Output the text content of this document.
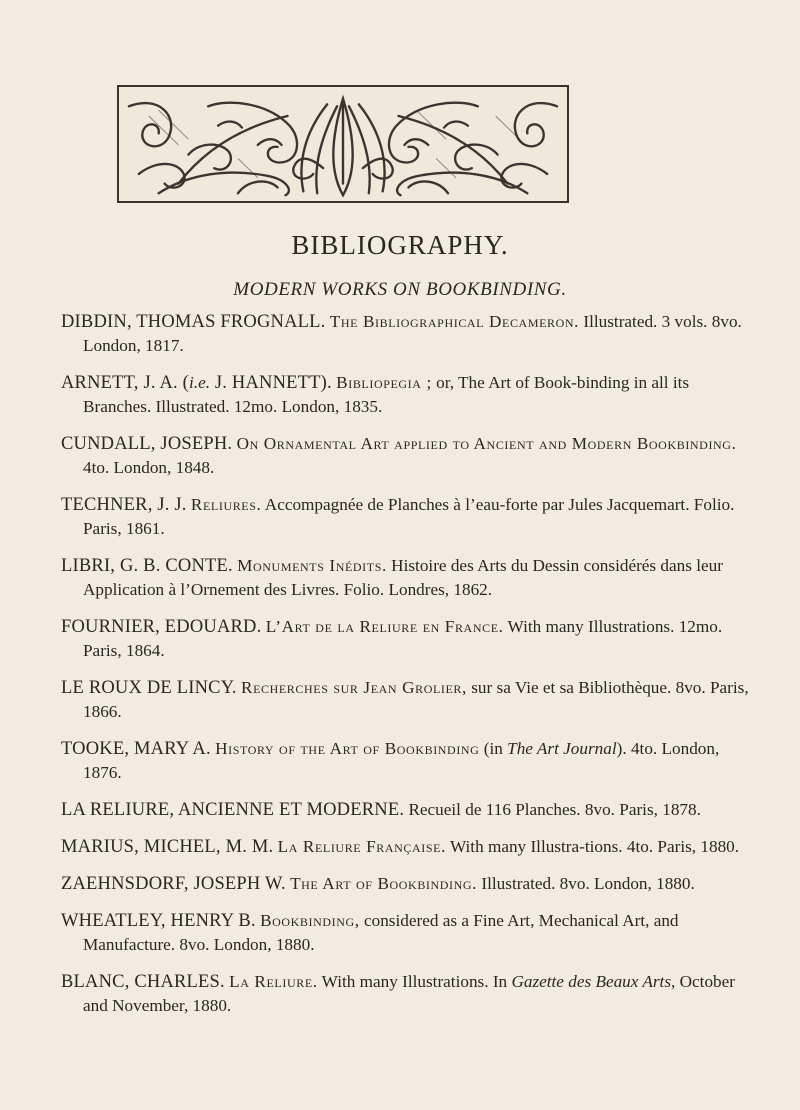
BIBLIOGRAPHY.
MODERN WORKS ON BOOKBINDING.

DIBDIN, THOMAS FROGNALL. The Bibliographical Decameron. Illustrated. 3 vols. 8vo. London, 1817.

ARNETT, J. A. (i.e. J. HANNETT). Bibliopegia ; or, The Art of Book-binding in all its Branches. Illustrated. 12mo. London, 1835.

CUNDALL, JOSEPH. On Ornamental Art applied to Ancient and Modern Bookbinding. 4to. London, 1848.

TECHNER, J. J. Reliures. Accompagnée de Planches à l’eau-forte par Jules Jacquemart. Folio. Paris, 1861.

LIBRI, G. B. CONTE. Monuments Inédits. Histoire des Arts du Dessin considérés dans leur Application à l’Ornement des Livres. Folio. Londres, 1862.

FOURNIER, EDOUARD. L’Art de la Reliure en France. With many Illustrations. 12mo. Paris, 1864.

LE ROUX DE LINCY. Recherches sur Jean Grolier, sur sa Vie et sa Bibliothèque. 8vo. Paris, 1866.

TOOKE, MARY A. History of the Art of Bookbinding (in The Art Journal). 4to. London, 1876.

LA RELIURE, ANCIENNE ET MODERNE. Recueil de 116 Planches. 8vo. Paris, 1878.

MARIUS, MICHEL, M. M. La Reliure Française. With many Illustra-tions. 4to. Paris, 1880.

ZAEHNSDORF, JOSEPH W. The Art of Bookbinding. Illustrated. 8vo. London, 1880.

WHEATLEY, HENRY B. Bookbinding, considered as a Fine Art, Mechanical Art, and Manufacture. 8vo. London, 1880.

BLANC, CHARLES. La Reliure. With many Illustrations. In Gazette des Beaux Arts, October and November, 1880.
